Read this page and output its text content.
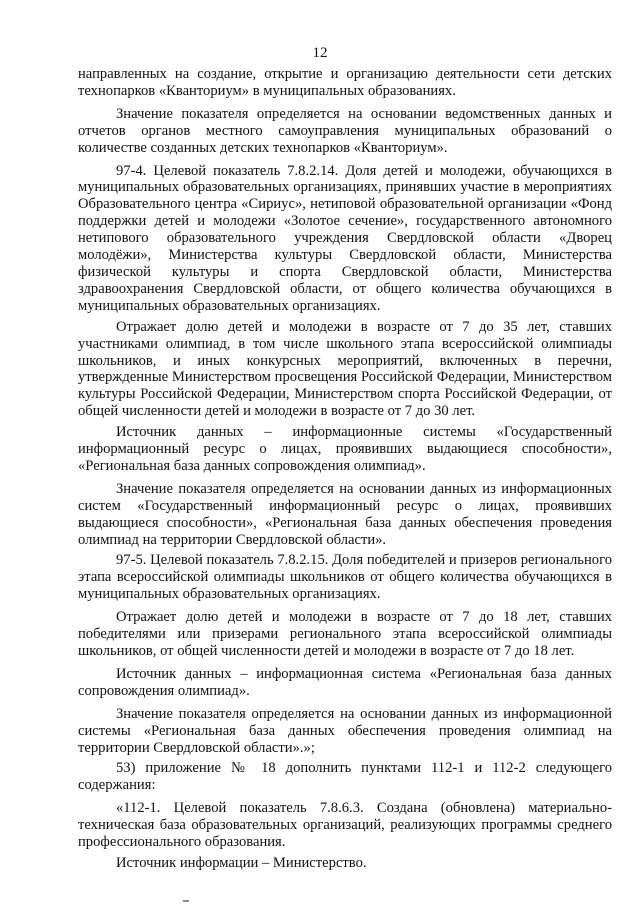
12

направленных на создание, открытие и организацию деятельности сети детских технопарков «Кванториум» в муниципальных образованиях.

Значение показателя определяется на основании ведомственных данных и отчетов органов местного самоуправления муниципальных образований о количестве созданных детских технопарков «Кванториум».

97-4. Целевой показатель 7.8.2.14. Доля детей и молодежи, обучающихся в муниципальных образовательных организациях, принявших участие в мероприятиях Образовательного центра «Сириус», нетиповой образовательной организации «Фонд поддержки детей и молодежи «Золотое сечение», государственного автономного нетипового образовательного учреждения Свердловской области «Дворец молодёжи», Министерства культуры Свердловской области, Министерства физической культуры и спорта Свердловской области, Министерства здравоохранения Свердловской области, от общего количества обучающихся в муниципальных образовательных организациях.

Отражает долю детей и молодежи в возрасте от 7 до 35 лет, ставших участниками олимпиад, в том числе школьного этапа всероссийской олимпиады школьников, и иных конкурсных мероприятий, включенных в перечни, утвержденные Министерством просвещения Российской Федерации, Министерством культуры Российской Федерации, Министерством спорта Российской Федерации, от общей численности детей и молодежи в возрасте от 7 до 30 лет.

Источник данных – информационные системы «Государственный информационный ресурс о лицах, проявивших выдающиеся способности», «Региональная база данных сопровождения олимпиад».

Значение показателя определяется на основании данных из информационных систем «Государственный информационный ресурс о лицах, проявивших выдающиеся способности», «Региональная база данных обеспечения проведения олимпиад на территории Свердловской области».

97-5. Целевой показатель 7.8.2.15. Доля победителей и призеров регионального этапа всероссийской олимпиады школьников от общего количества обучающихся в муниципальных образовательных организациях.

Отражает долю детей и молодежи в возрасте от 7 до 18 лет, ставших победителями или призерами регионального этапа всероссийской олимпиады школьников, от общей численности детей и молодежи в возрасте от 7 до 18 лет.

Источник данных – информационная система «Региональная база данных сопровождения олимпиад».

Значение показателя определяется на основании данных из информационной системы «Региональная база данных обеспечения проведения олимпиад на территории Свердловской области».»;

53) приложение № 18 дополнить пунктами 112-1 и 112-2 следующего содержания:

«112-1. Целевой показатель 7.8.6.3. Создана (обновлена) материально-техническая база образовательных организаций, реализующих программы среднего профессионального образования.

Источник информации – Министерство.
